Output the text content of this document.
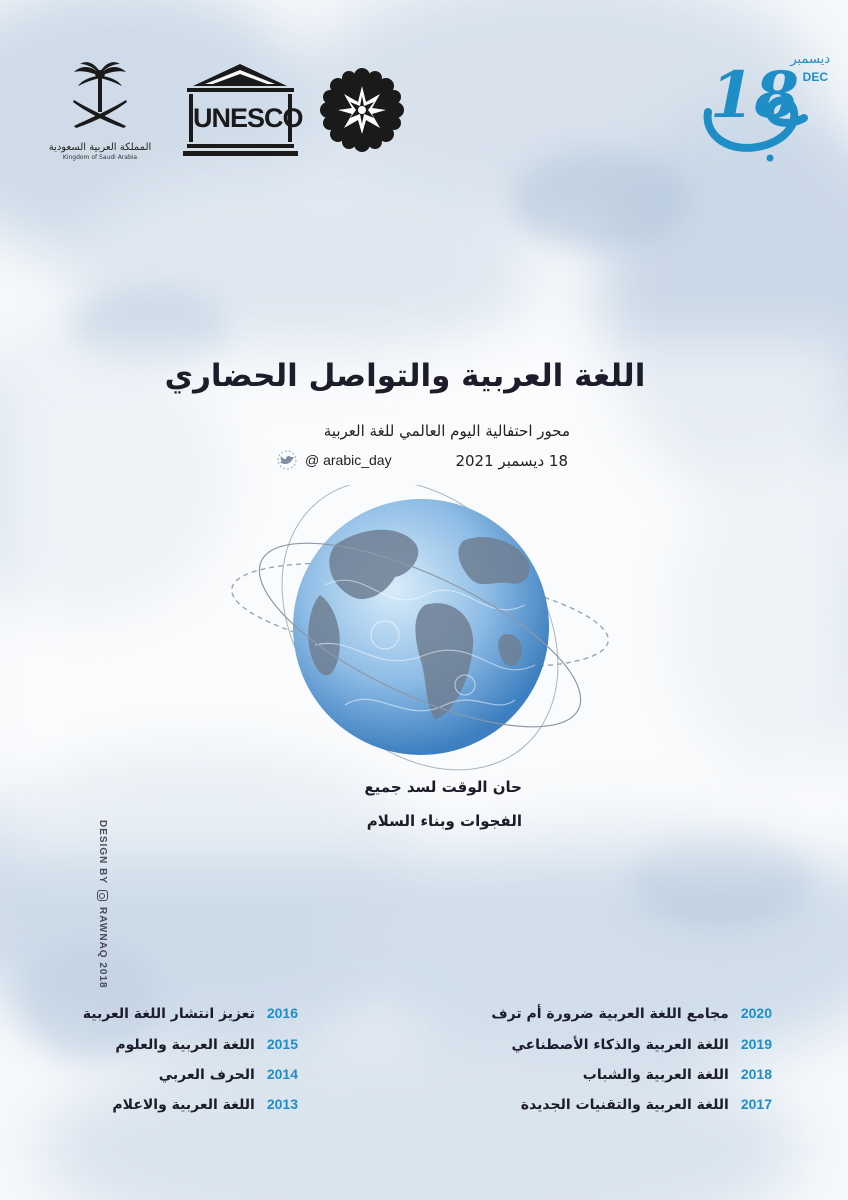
المملكة العربية السعودية
Kingdom of Saudi Arabia
UNESCO
ديسمبر
DEC
18
اللغة العربية والتواصل الحضاري
محور احتفالية اليوم العالمي للغة العربية
18 ديسمبر 2021
@ arabic_day
حان الوقت لسد جميع
الفجوات وبناء السلام
DESIGN BYRAWNAQ 2018
2020مجامع اللغة العربية ضرورة أم ترف
2019اللغة العربية والذكاء الأصطناعي
2018اللغة العربية والشباب
2017اللغة العربية والتقنيات الجديدة
2016تعزيز انتشار اللغة العربية
2015اللغة العربية والعلوم
2014الحرف العربي
2013اللغة العربية والاعلام
